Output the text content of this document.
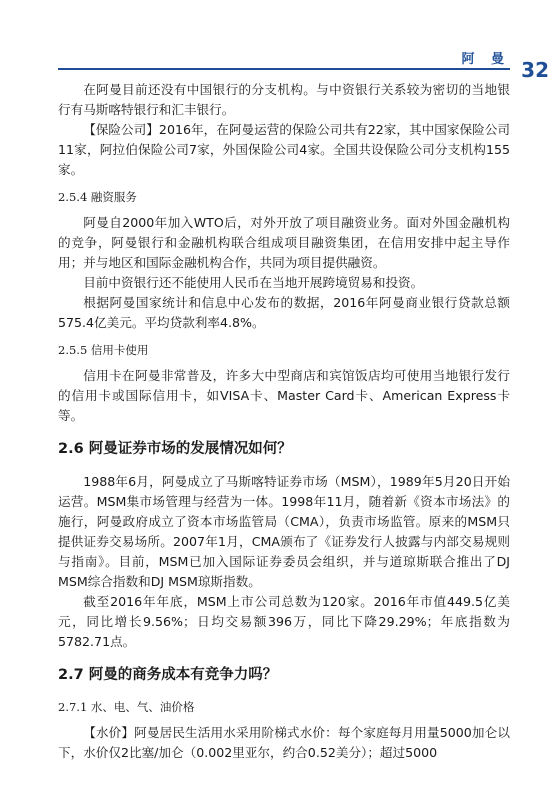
阿 曼 32

在阿曼目前还没有中国银行的分支机构。与中资银行关系较为密切的当地银行有马斯喀特银行和汇丰银行。

【保险公司】2016年，在阿曼运营的保险公司共有22家，其中国家保险公司11家，阿拉伯保险公司7家，外国保险公司4家。全国共设保险公司分支机构155家。

2.5.4 融资服务

阿曼自2000年加入WTO后，对外开放了项目融资业务。面对外国金融机构的竞争，阿曼银行和金融机构联合组成项目融资集团，在信用安排中起主导作用；并与地区和国际金融机构合作，共同为项目提供融资。

目前中资银行还不能使用人民币在当地开展跨境贸易和投资。

根据阿曼国家统计和信息中心发布的数据，2016年阿曼商业银行贷款总额575.4亿美元。平均贷款利率4.8%。

2.5.5 信用卡使用

信用卡在阿曼非常普及，许多大中型商店和宾馆饭店均可使用当地银行发行的信用卡或国际信用卡，如VISA卡、Master Card卡、American Express卡等。

2.6 阿曼证券市场的发展情况如何？

1988年6月，阿曼成立了马斯喀特证券市场（MSM），1989年5月20日开始运营。MSM集市场管理与经营为一体。1998年11月，随着新《资本市场法》的施行，阿曼政府成立了资本市场监管局（CMA），负责市场监管。原来的MSM只提供证券交易场所。2007年1月，CMA颁布了《证券发行人披露与内部交易规则与指南》。目前，MSM已加入国际证券委员会组织，并与道琼斯联合推出了DJ MSM综合指数和DJ MSM琼斯指数。

截至2016年年底，MSM上市公司总数为120家。2016年市值449.5亿美元，同比增长9.56%；日均交易额396万，同比下降29.29%；年底指数为5782.71点。

2.7 阿曼的商务成本有竞争力吗？
2.7.1 水、电、气、油价格

【水价】阿曼居民生活用水采用阶梯式水价：每个家庭每月用量5000加仑以下，水价仅2比塞/加仑（0.002里亚尔，约合0.52美分）；超过5000
